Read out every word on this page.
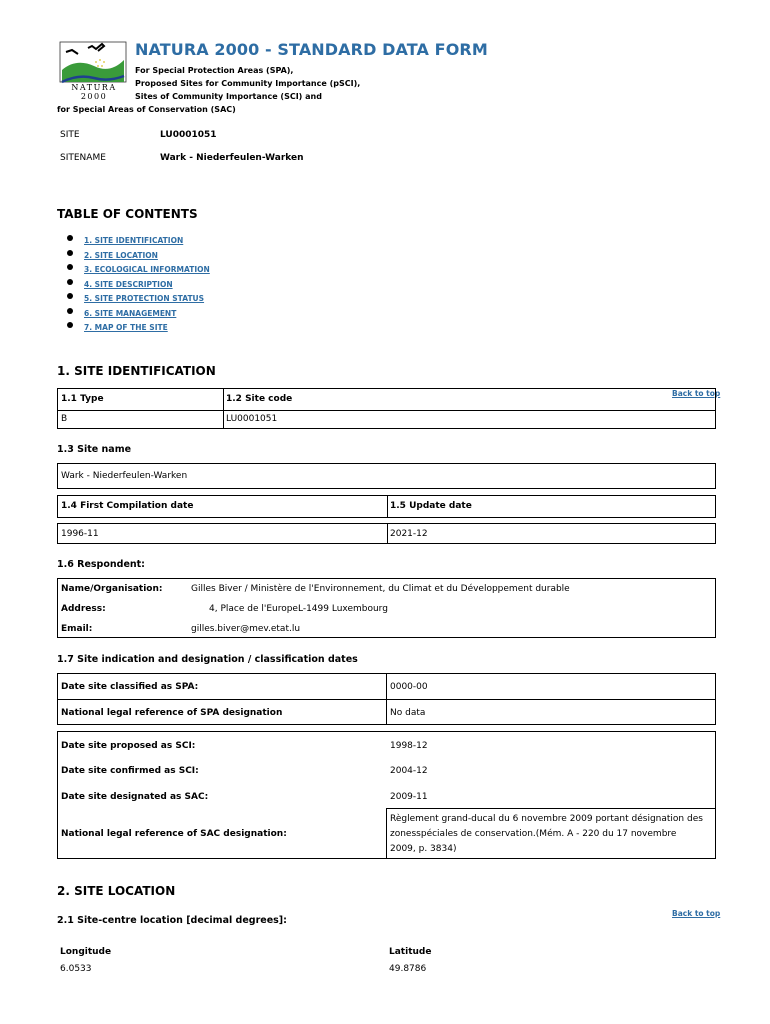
NATURA 2000
NATURA 2000 - STANDARD DATA FORM
For Special Protection Areas (SPA),
Proposed Sites for Community Importance (pSCI),
Sites of Community Importance (SCI) and
for Special Areas of Conservation (SAC)
SITE	LU0001051
SITENAME	Wark - Niederfeulen-Warken
TABLE OF CONTENTS
1. SITE IDENTIFICATION
2. SITE LOCATION
3. ECOLOGICAL INFORMATION
4. SITE DESCRIPTION
5. SITE PROTECTION STATUS
6. SITE MANAGEMENT
7. MAP OF THE SITE
1. SITE IDENTIFICATION
Back to top
1.1 Type	1.2 Site code
B	LU0001051
1.3 Site name
Wark - Niederfeulen-Warken
1.4 First Compilation date	1.5 Update date
1996-11	2021-12
1.6 Respondent:
Name/Organisation:	Gilles Biver / Ministère de l'Environnement, du Climat et du Développement durable
Address:	4, Place de l'EuropeL-1499 Luxembourg
Email:	gilles.biver@mev.etat.lu
1.7 Site indication and designation / classification dates
Date site classified as SPA:	0000-00
National legal reference of SPA designation	No data
Date site proposed as SCI:	1998-12
Date site confirmed as SCI:	2004-12
Date site designated as SAC:	2009-11
National legal reference of SAC designation:
Règlement grand-ducal du 6 novembre 2009 portant désignation des
zonesspéciales de conservation.(Mém. A - 220 du 17 novembre
2009, p. 3834)
2. SITE LOCATION
Back to top
2.1 Site-centre location [decimal degrees]:
Longitude	Latitude
6.0533	49.8786
